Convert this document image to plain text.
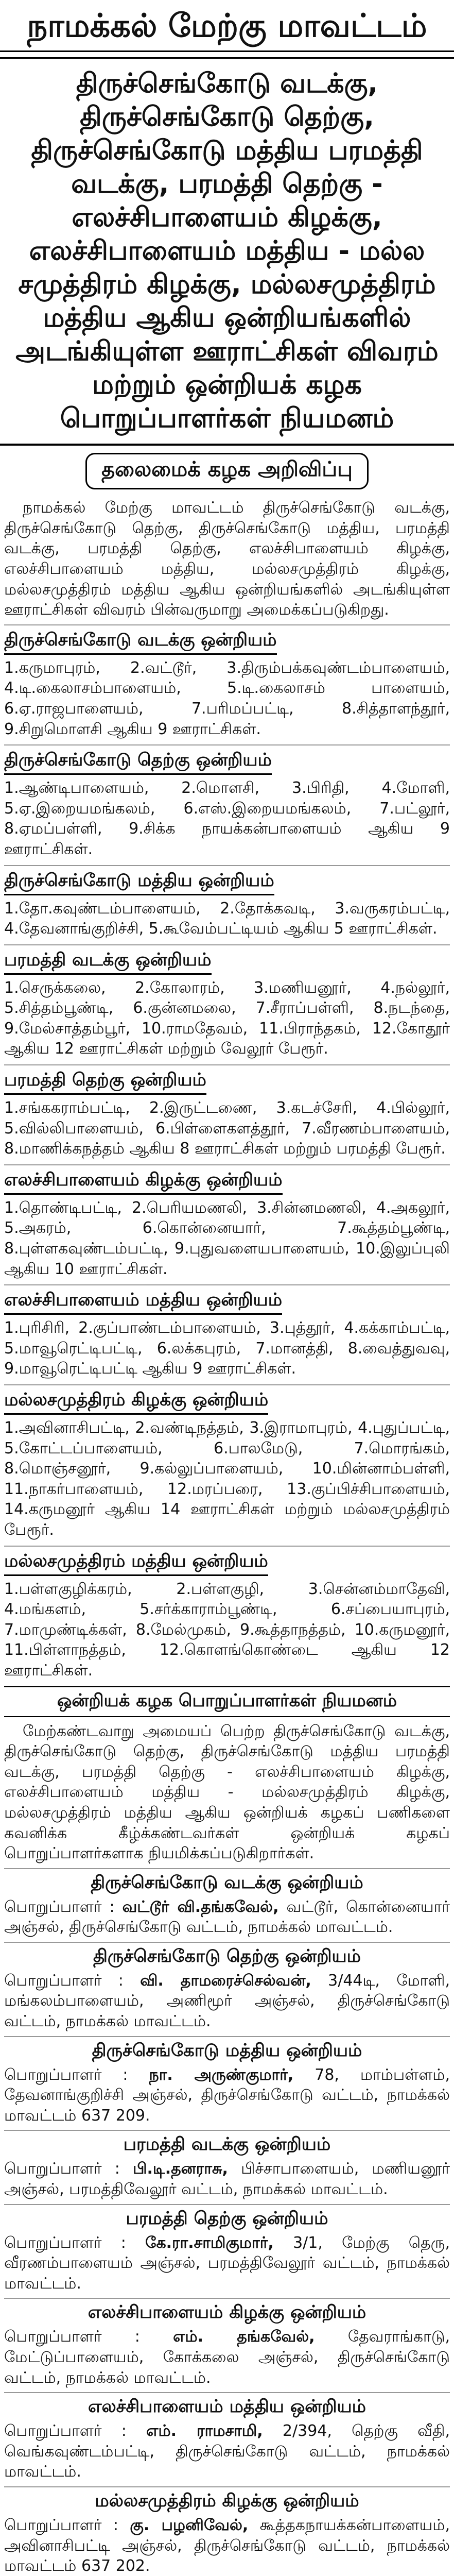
நாமக்கல் மேற்கு மாவட்டம்

திருச்செங்கோடு வடக்கு, திருச்செங்கோடு தெற்கு, திருச்செங்கோடு மத்திய பரமத்தி வடக்கு, பரமத்தி தெற்கு - எலச்சிபாளையம் கிழக்கு, எலச்சிபாளையம் மத்திய - மல்ல சமுத்திரம் கிழக்கு, மல்லசமுத்திரம் மத்திய ஆகிய ஒன்றியங்களில் அடங்கியுள்ள ஊராட்சிகள் விவரம் மற்றும் ஒன்றியக் கழக பொறுப்பாளர்கள் நியமனம்

தலைமைக் கழக அறிவிப்பு

நாமக்கல் மேற்கு மாவட்டம் திருச்செங்கோடு வடக்கு, திருச்செங்கோடு தெற்கு, திருச்செங்கோடு மத்திய, பரமத்தி வடக்கு, பரமத்தி தெற்கு, எலச்சிபாளையம் கிழக்கு, எலச்சிபாளையம் மத்திய, மல்லசமுத்திரம் கிழக்கு, மல்லசமுத்திரம் மத்திய ஆகிய ஒன்றியங்களில் அடங்கியுள்ள ஊராட்சிகள் விவரம் பின்வருமாறு அமைக்கப்படுகிறது.

திருச்செங்கோடு வடக்கு ஒன்றியம்

1.கருமாபுரம், 2.வட்டூர், 3.திரும்பக்கவுண்டம்பாளையம், 4.டி.கைலாசம்பாளையம், 5.டி.கைலாசம் பாளையம், 6.ஏ.ராஜபாளையம், 7.பரிமப்பட்டி, 8.சித்தாளந்தூர், 9.சிறுமொளசி ஆகிய 9 ஊராட்சிகள்.

திருச்செங்கோடு தெற்கு ஒன்றியம்

1.ஆண்டிபாளையம், 2.மொளசி, 3.பிரிதி, 4.மோளி, 5.ஏ.இறையமங்கலம், 6.எஸ்.இறையமங்கலம், 7.பட்லூர், 8.ஏமப்பள்ளி, 9.சிக்க நாயக்கன்பாளையம் ஆகிய 9 ஊராட்சிகள்.

திருச்செங்கோடு மத்திய ஒன்றியம்

1.தோ.கவுண்டம்பாளையம், 2.தோக்கவடி, 3.வருகரம்பட்டி, 4.தேவனாங்குறிச்சி, 5.கூவேம்பட்டியம் ஆகிய 5 ஊராட்சிகள்.

பரமத்தி வடக்கு ஒன்றியம்

1.செருக்கலை, 2.கோலாரம், 3.மணியனூர், 4.நல்லூர், 5.சித்தம்பூண்டி, 6.குன்னமலை, 7.சீராப்பள்ளி, 8.நடந்தை, 9.மேல்சாத்தம்பூர், 10.ராமதேவம், 11.பிராந்தகம், 12.கோதூர் ஆகிய 12 ஊராட்சிகள் மற்றும் வேலூர் பேரூர்.

பரமத்தி தெற்கு ஒன்றியம்

1.சங்ககராம்பட்டி, 2.இருட்டணை, 3.கடச்சேரி, 4.பில்லூர், 5.வில்லிபாளையம், 6.பிள்ளைகளத்தூர், 7.வீரணம்பாளையம், 8.மாணிக்கநத்தம் ஆகிய 8 ஊராட்சிகள் மற்றும் பரமத்தி பேரூர்.

எலச்சிபாளையம் கிழக்கு ஒன்றியம்

1.தொண்டிபட்டி, 2.பெரியமணலி, 3.சின்னமணலி, 4.அகலூர், 5.அகரம், 6.கொன்னையார், 7.கூத்தம்பூண்டி, 8.புள்ளகவுண்டம்பட்டி, 9.புதுவளையபாளையம், 10.இலுப்புலி ஆகிய 10 ஊராட்சிகள்.

எலச்சிபாளையம் மத்திய ஒன்றியம்

1.புரிசிரி, 2.குப்பாண்டம்பாளையம், 3.புத்தூர், 4.கக்காம்பட்டி, 5.மாவூரெட்டிபட்டி, 6.லக்கபுரம், 7.மானத்தி, 8.வைத்துவவு, 9.மாவூரெட்டிபட்டி ஆகிய 9 ஊராட்சிகள்.

மல்லசமுத்திரம் கிழக்கு ஒன்றியம்

1.அவினாசிபட்டி, 2.வண்டிநத்தம், 3.இராமாபுரம், 4.புதுப்பட்டி, 5.கோட்டப்பாளையம், 6.பாலமேடு, 7.மொரங்கம், 8.மொஞ்சனூர், 9.கல்லுப்பாளையம், 10.மின்னாம்பள்ளி, 11.நாகர்பாளையம், 12.மரப்பரை, 13.குப்பிச்சிபாளையம், 14.கருமனூர் ஆகிய 14 ஊராட்சிகள் மற்றும் மல்லசமுத்திரம் பேரூர்.

மல்லசமுத்திரம் மத்திய ஒன்றியம்

1.பள்ளகுழிக்கரம், 2.பள்ளகுழி, 3.சென்னம்மாதேவி, 4.மங்களம், 5.சர்க்காராம்பூண்டி, 6.சப்பையாபுரம், 7.மாமுண்டிக்கள், 8.மேல்முகம், 9.கூத்தாநத்தம், 10.கருமனூர், 11.பிள்ளாநத்தம், 12.கொளங்கொண்டை ஆகிய 12 ஊராட்சிகள்.

ஒன்றியக் கழக பொறுப்பாளர்கள் நியமனம்

மேற்கண்டவாறு அமையப் பெற்ற திருச்செங்கோடு வடக்கு, திருச்செங்கோடு தெற்கு, திருச்செங்கோடு மத்திய பரமத்தி வடக்கு, பரமத்தி தெற்கு - எலச்சிபாளையம் கிழக்கு, எலச்சிபாளையம் மத்திய - மல்லசமுத்திரம் கிழக்கு, மல்லசமுத்திரம் மத்திய ஆகிய ஒன்றியக் கழகப் பணிகளை கவனிக்க கீழ்க்கண்டவர்கள் ஒன்றியக் கழகப் பொறுப்பாளர்களாக நியமிக்கப்படுகிறார்கள்.

திருச்செங்கோடு வடக்கு ஒன்றியம்

பொறுப்பாளர் : வட்டூர் வி.தங்கவேல், வட்டூர், கொன்னையார் அஞ்சல், திருச்செங்கோடு வட்டம், நாமக்கல் மாவட்டம்.

திருச்செங்கோடு தெற்கு ஒன்றியம்

பொறுப்பாளர் : வி. தாமரைச்செல்வன், 3/44டி, மோளி, மங்கலம்பாளையம், அணிமூர் அஞ்சல், திருச்செங்கோடு வட்டம், நாமக்கல் மாவட்டம்.

திருச்செங்கோடு மத்திய ஒன்றியம்

பொறுப்பாளர் : நா. அருண்குமார், 78, மாம்பள்ளம், தேவனாங்குறிச்சி அஞ்சல், திருச்செங்கோடு வட்டம், நாமக்கல் மாவட்டம் 637 209.

பரமத்தி வடக்கு ஒன்றியம்

பொறுப்பாளர் : பி.டி.தனராசு, பிச்சாபாளையம், மணியனூர் அஞ்சல், பரமத்திவேலூர் வட்டம், நாமக்கல் மாவட்டம்.

பரமத்தி தெற்கு ஒன்றியம்

பொறுப்பாளர் : கே.ரா.சாமிகுமார், 3/1, மேற்கு தெரு, வீரணம்பாளையம் அஞ்சல், பரமத்திவேலூர் வட்டம், நாமக்கல் மாவட்டம்.

எலச்சிபாளையம் கிழக்கு ஒன்றியம்

பொறுப்பாளர் : எம். தங்கவேல், தேவராங்காடு, மேட்டுப்பாளையம், கோக்கலை அஞ்சல், திருச்செங்கோடு வட்டம், நாமக்கல் மாவட்டம்.

எலச்சிபாளையம் மத்திய ஒன்றியம்

பொறுப்பாளர் : எம். ராமசாமி, 2/394, தெற்கு வீதி, வெங்கவுண்டம்பட்டி, திருச்செங்கோடு வட்டம், நாமக்கல் மாவட்டம்.

மல்லசமுத்திரம் கிழக்கு ஒன்றியம்

பொறுப்பாளர் : கு. பழனிவேல், கூத்தகநாயக்கன்பாளையம், அவினாசிபட்டி அஞ்சல், திருச்செங்கோடு வட்டம், நாமக்கல் மாவட்டம் 637 202.
